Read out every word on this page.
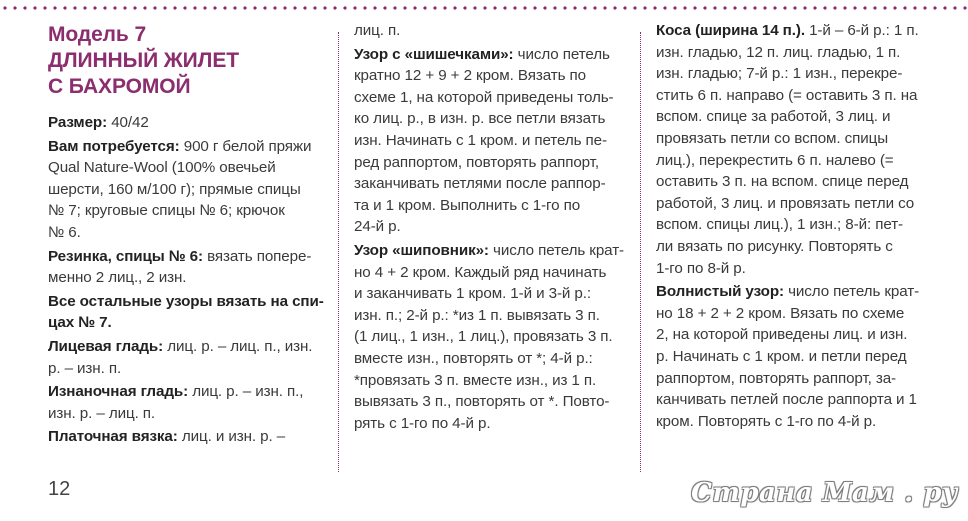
Модель 7
ДЛИННЫЙ ЖИЛЕТ
С БАХРОМОЙ
Размер: 40/42
Вам потребуется: 900 г белой пряжи
Qual Nature-Wool (100% овечьей
шерсти, 160 м/100 г); прямые спицы
№ 7; круговые спицы № 6; крючок
№ 6.
Резинка, спицы № 6: вязать попере-
менно 2 лиц., 2 изн.
Все остальные узоры вязать на спи-
цах № 7.
Лицевая гладь: лиц. р. – лиц. п., изн.
р. – изн. п.
Изнаночная гладь: лиц. р. – изн. п.,
изн. р. – лиц. п.
Платочная вязка: лиц. и изн. р. –
лиц. п.
Узор с «шишечками»: число петель
кратно 12 + 9 + 2 кром. Вязать по
схеме 1, на которой приведены толь-
ко лиц. р., в изн. р. все петли вязать
изн. Начинать с 1 кром. и петель пе-
ред раппортом, повторять раппорт,
заканчивать петлями после раппор-
та и 1 кром. Выполнить с 1-го по
24-й р.
Узор «шиповник»: число петель крат-
но 4 + 2 кром. Каждый ряд начинать
и заканчивать 1 кром. 1-й и 3-й р.:
изн. п.; 2-й р.: *из 1 п. вывязать 3 п.
(1 лиц., 1 изн., 1 лиц.), провязать 3 п.
вместе изн., повторять от *; 4-й р.:
*провязать 3 п. вместе изн., из 1 п.
вывязать 3 п., повторять от *. Повто-
рять с 1-го по 4-й р.
Коса (ширина 14 п.). 1-й – 6-й р.: 1 п.
изн. гладью, 12 п. лиц. гладью, 1 п.
изн. гладью; 7-й р.: 1 изн., перекре-
стить 6 п. направо (= оставить 3 п. на
вспом. спице за работой, 3 лиц. и
провязать петли со вспом. спицы
лиц.), перекрестить 6 п. налево (=
оставить 3 п. на вспом. спице перед
работой, 3 лиц. и провязать петли со
вспом. спицы лиц.), 1 изн.; 8-й: пет-
ли вязать по рисунку. Повторять с
1-го по 8-й р.
Волнистый узор: число петель крат-
но 18 + 2 + 2 кром. Вязать по схеме
2, на которой приведены лиц. и изн.
р. Начинать с 1 кром. и петли перед
раппортом, повторять раппорт, за-
канчивать петлей после раппорта и 1
кром. Повторять с 1-го по 4-й р.
12	Страна Мам . ру
